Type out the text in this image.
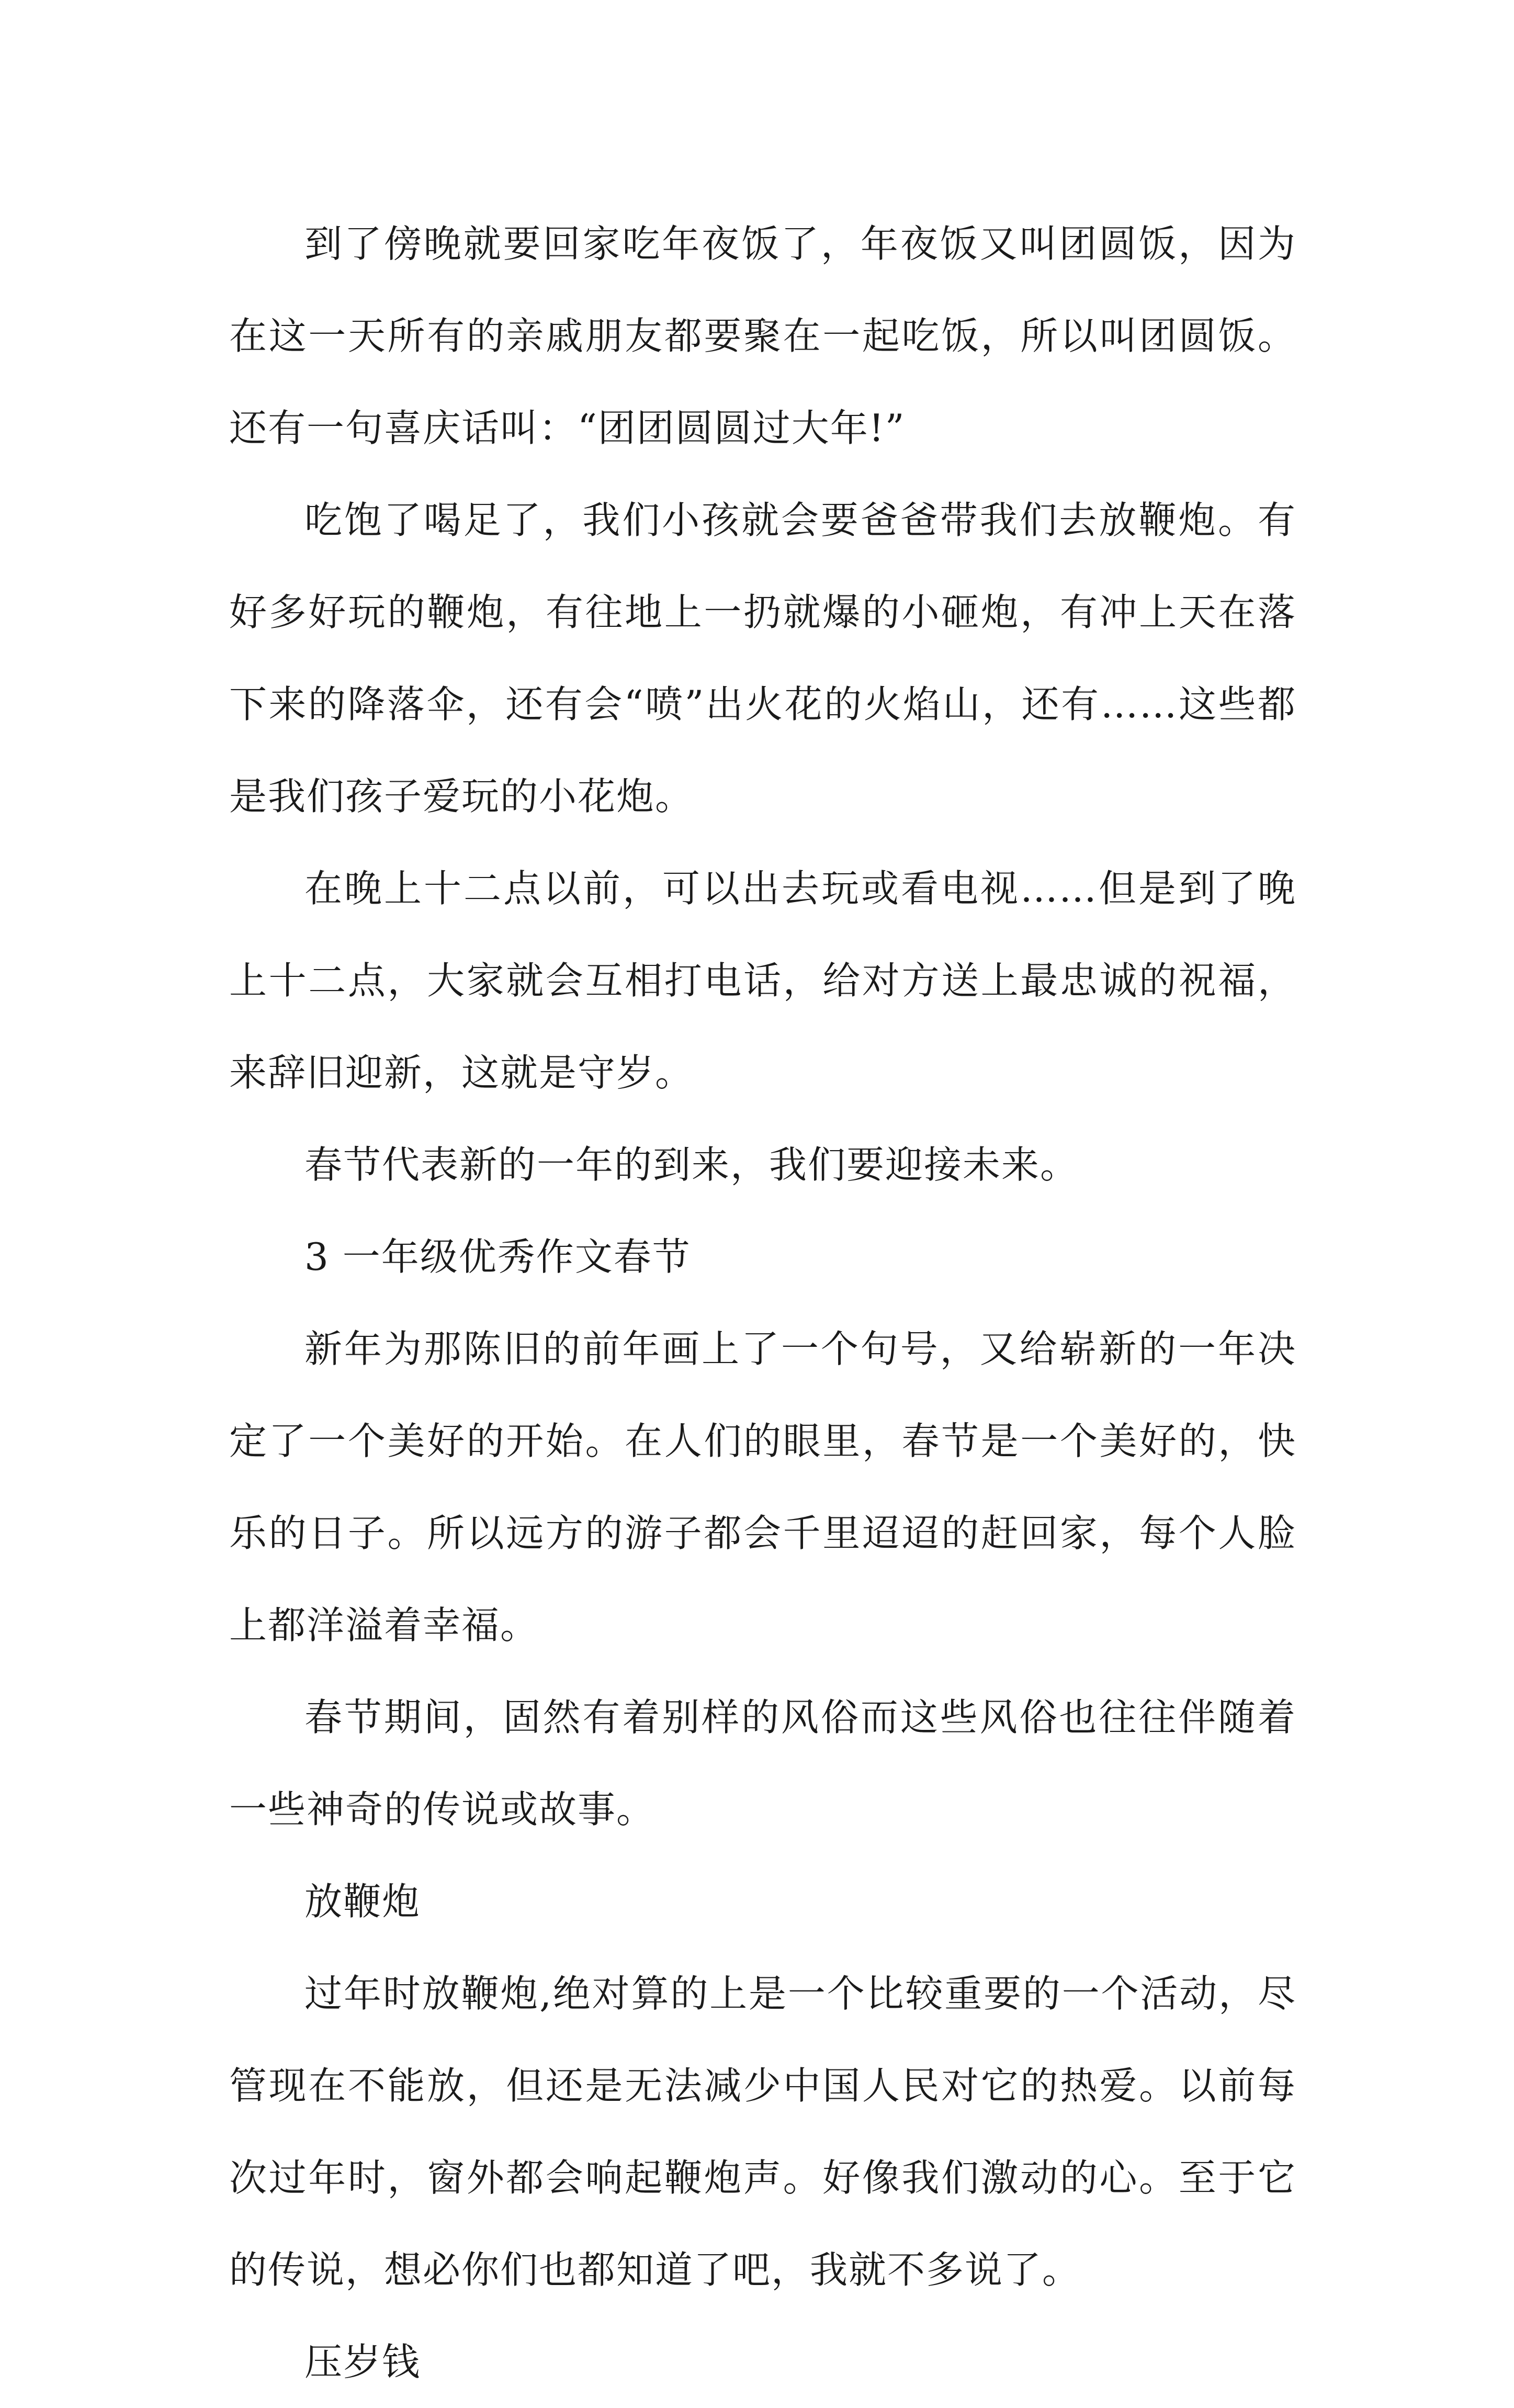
到了傍晚就要回家吃年夜饭了，年夜饭又叫团圆饭，因为在这一天所有的亲戚朋友都要聚在一起吃饭，所以叫团圆饭。还有一句喜庆话叫：“团团圆圆过大年!”

吃饱了喝足了，我们小孩就会要爸爸带我们去放鞭炮。有好多好玩的鞭炮，有往地上一扔就爆的小砸炮，有冲上天在落下来的降落伞，还有会“喷”出火花的火焰山，还有……这些都是我们孩子爱玩的小花炮。

在晚上十二点以前，可以出去玩或看电视……但是到了晚上十二点，大家就会互相打电话，给对方送上最忠诚的祝福，来辞旧迎新，这就是守岁。

春节代表新的一年的到来，我们要迎接未来。

3 一年级优秀作文春节

新年为那陈旧的前年画上了一个句号，又给崭新的一年决定了一个美好的开始。在人们的眼里，春节是一个美好的，快乐的日子。所以远方的游子都会千里迢迢的赶回家，每个人脸上都洋溢着幸福。

春节期间，固然有着别样的风俗而这些风俗也往往伴随着一些神奇的传说或故事。

放鞭炮

过年时放鞭炮,绝对算的上是一个比较重要的一个活动，尽管现在不能放，但还是无法减少中国人民对它的热爱。以前每次过年时，窗外都会响起鞭炮声。好像我们激动的心。至于它的传说，想必你们也都知道了吧，我就不多说了。

压岁钱
